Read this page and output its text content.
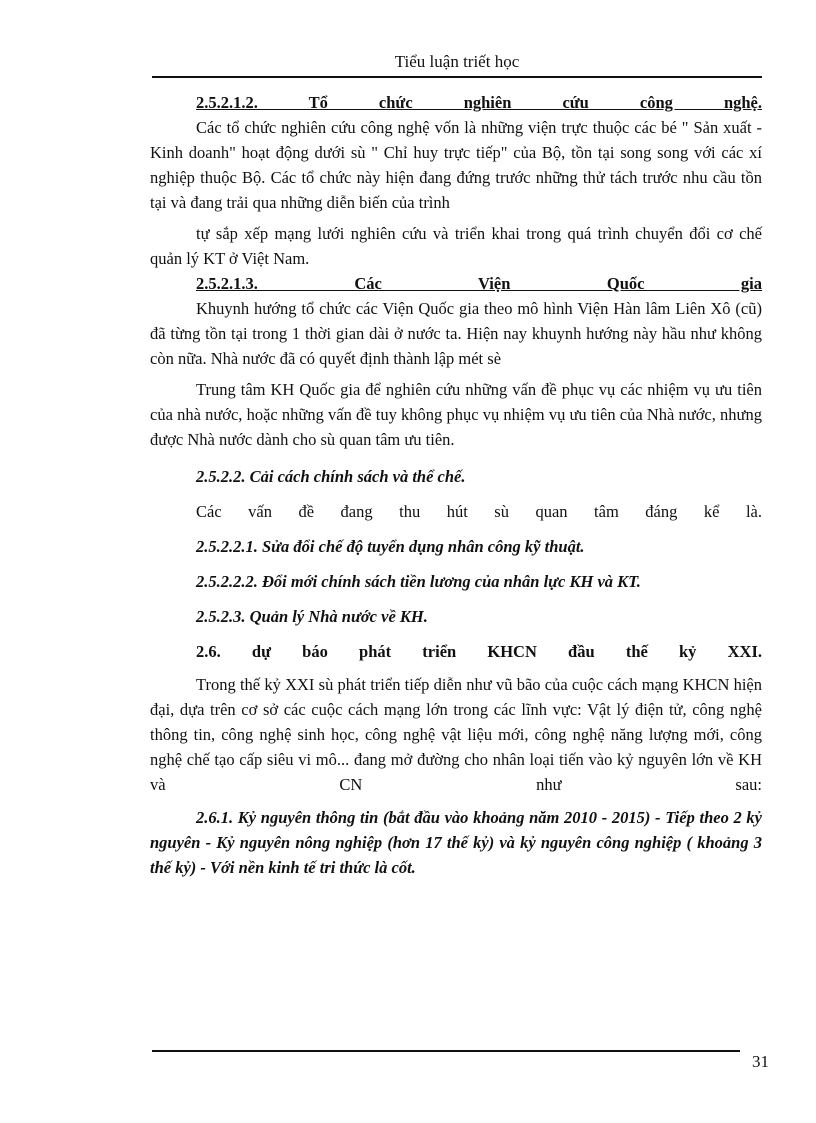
Tiểu luận triết học

2.5.2.1.2. Tổ chức nghiên cứu công nghệ.

Các tổ chức nghiên cứu công nghệ vốn là những viện trực thuộc các bé " Sản xuất - Kinh doanh" hoạt động dưới sù " Chỉ huy trực tiếp" của Bộ, tồn tại song song với các xí nghiệp thuộc Bộ. Các tổ chức này hiện đang đứng trước những thử tách trước nhu cầu tồn tại và đang trải qua những diễn biến của trình

tự sắp xếp mạng lưới nghiên cứu và triển khai trong quá trình chuyển đổi cơ chế quản lý KT ở Việt Nam.

2.5.2.1.3. Các Viện Quốc gia

Khuynh hướng tổ chức các Viện Quốc gia theo mô hình Viện Hàn lâm Liên Xô (cũ) đã từng tồn tại trong 1 thời gian dài ở nước ta. Hiện nay khuynh hướng này hầu như không còn nữa. Nhà nước đã có quyết định thành lập mét sè

Trung tâm KH Quốc gia để nghiên cứu những vấn đề phục vụ các nhiệm vụ ưu tiên của nhà nước, hoặc những vấn đề tuy không phục vụ nhiệm vụ ưu tiên của Nhà nước, nhưng được Nhà nước dành cho sù quan tâm ưu tiên.

2.5.2.2. Cải cách chính sách và thể chế.

Các vấn đề đang thu hút sù quan tâm đáng kể là.

2.5.2.2.1. Sửa đổi chế độ tuyển dụng nhân công kỹ thuật.

2.5.2.2.2. Đổi mới chính sách tiền lương của nhân lực KH và KT.

2.5.2.3. Quản lý Nhà nước về KH.

2.6. dự báo phát triển KHCN đầu thế kỷ XXI.

Trong thế kỷ XXI sù phát triển tiếp diễn như vũ bão của cuộc cách mạng KHCN hiện đại, dựa trên cơ sở các cuộc cách mạng lớn trong các lĩnh vực: Vật lý điện tử, công nghệ thông tin, công nghệ sinh học, công nghệ vật liệu mới, công nghệ năng lượng mới, công nghệ chế tạo cấp siêu vi mô... đang mở đường cho nhân loại tiến vào kỷ nguyên lớn về KH và CN như sau:

2.6.1. Kỷ nguyên thông tin (bắt đầu vào khoảng năm 2010 - 2015) - Tiếp theo 2 kỷ nguyên - Kỷ nguyên nông nghiệp (hơn 17 thế kỷ) và kỷ nguyên công nghiệp ( khoảng 3 thế kỷ) - Với nền kinh tế tri thức là cốt.

31
